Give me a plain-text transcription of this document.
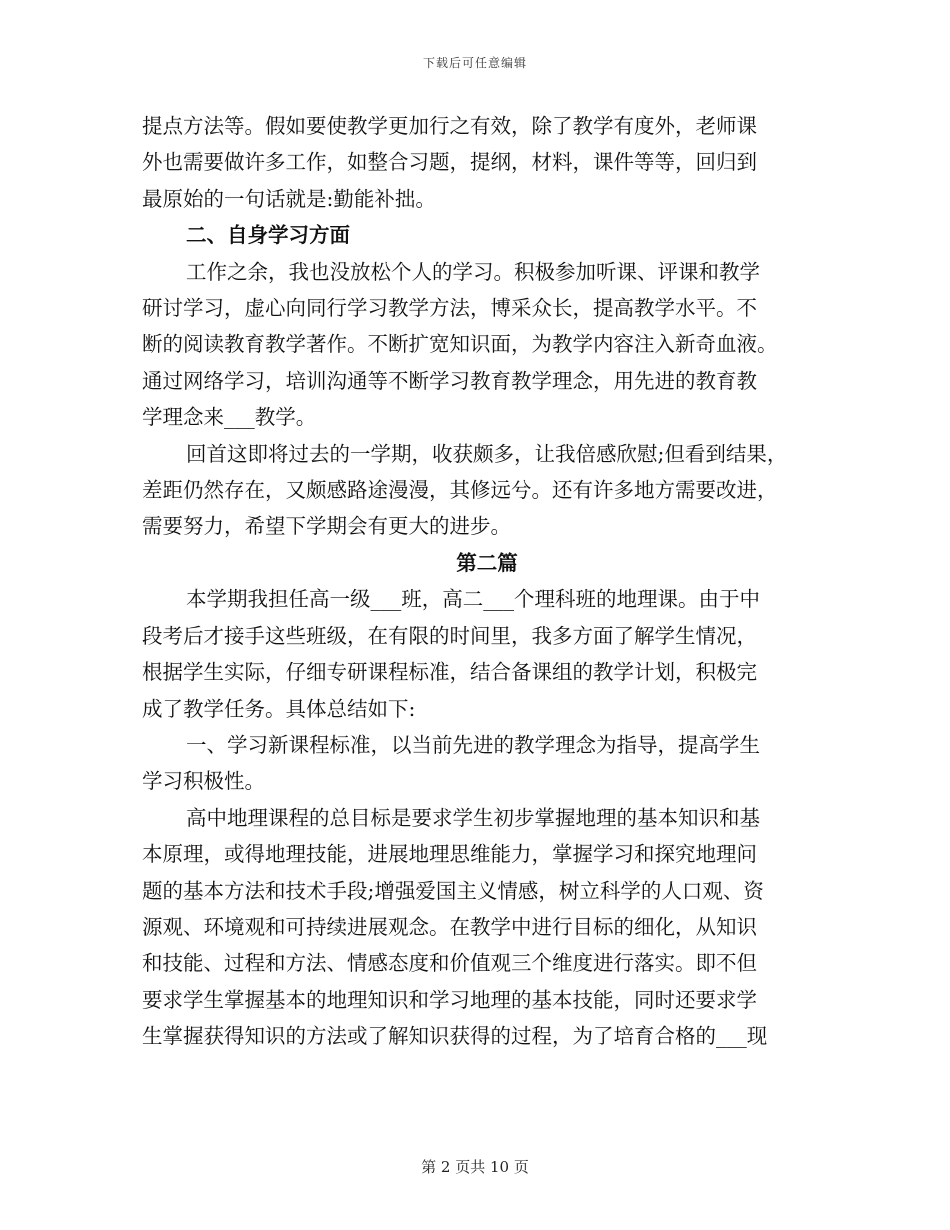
下载后可任意编辑

提点方法等。假如要使教学更加行之有效，除了教学有度外，老师课
外也需要做许多工作，如整合习题，提纲，材料，课件等等，回归到
最原始的一句话就是:勤能补拙。

二、自身学习方面

工作之余，我也没放松个人的学习。积极参加听课、评课和教学
研讨学习，虚心向同行学习教学方法，博采众长，提高教学水平。不
断的阅读教育教学著作。不断扩宽知识面，为教学内容注入新奇血液。
通过网络学习，培训沟通等不断学习教育教学理念，用先进的教育教
学理念来___教学。

回首这即将过去的一学期，收获颇多，让我倍感欣慰;但看到结果，
差距仍然存在，又颇感路途漫漫，其修远兮。还有许多地方需要改进，
需要努力，希望下学期会有更大的进步。

第二篇

本学期我担任高一级___班，高二___个理科班的地理课。由于中
段考后才接手这些班级，在有限的时间里，我多方面了解学生情况，
根据学生实际，仔细专研课程标准，结合备课组的教学计划，积极完
成了教学任务。具体总结如下:

一、学习新课程标准，以当前先进的教学理念为指导，提高学生
学习积极性。

高中地理课程的总目标是要求学生初步掌握地理的基本知识和基
本原理，或得地理技能，进展地理思维能力，掌握学习和探究地理问
题的基本方法和技术手段;增强爱国主义情感，树立科学的人口观、资
源观、环境观和可持续进展观念。在教学中进行目标的细化，从知识
和技能、过程和方法、情感态度和价值观三个维度进行落实。即不但
要求学生掌握基本的地理知识和学习地理的基本技能，同时还要求学
生掌握获得知识的方法或了解知识获得的过程，为了培育合格的___现

第 2 页共 10 页
